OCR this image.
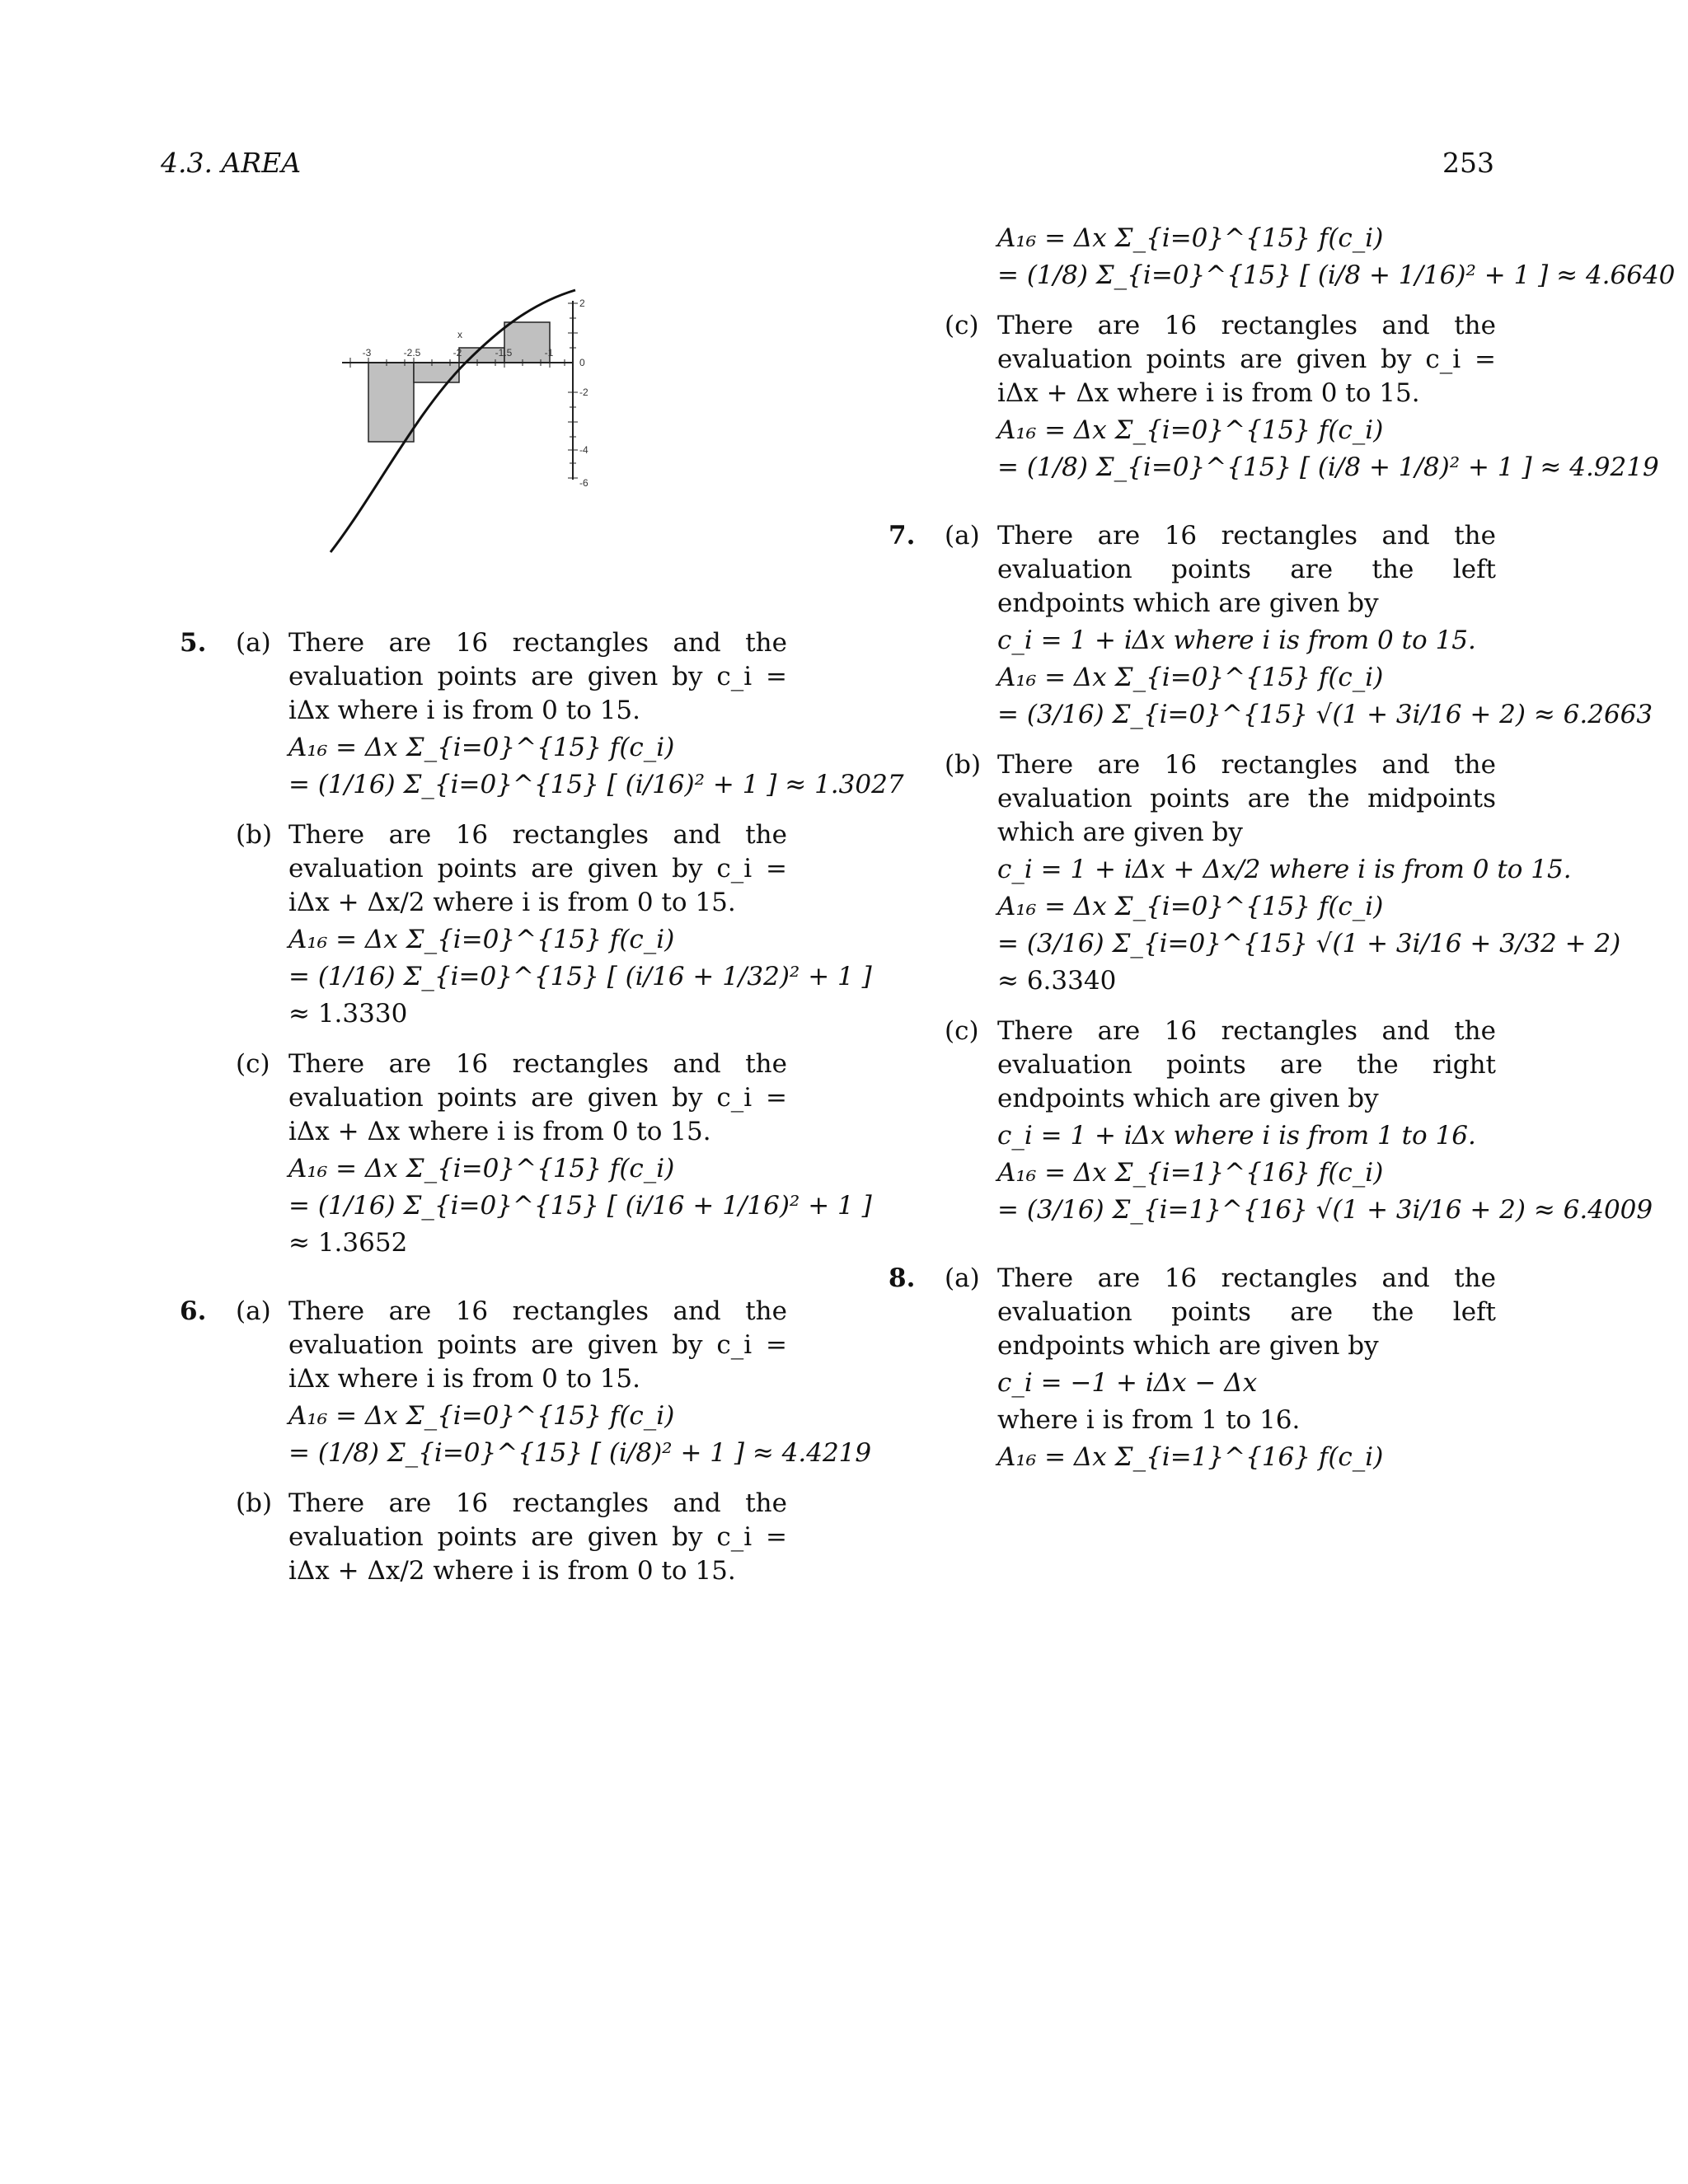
4.3. AREA	253
-3	-2.5	-2	-1.5	-1
x
2
0
-2
-4
-6
5. (a) There are 16 rectangles and the evaluation points are given by c_i = iΔx where i is from 0 to 15.
A₁₆ = Δx Σ_{i=0}^{15} f(c_i)
= (1/16) Σ_{i=0}^{15} [ (i/16)² + 1 ] ≈ 1.3027
(b) There are 16 rectangles and the evaluation points are given by c_i = iΔx + Δx/2 where i is from 0 to 15.
A₁₆ = Δx Σ_{i=0}^{15} f(c_i)
= (1/16) Σ_{i=0}^{15} [ (i/16 + 1/32)² + 1 ]
≈ 1.3330
(c) There are 16 rectangles and the evaluation points are given by c_i = iΔx + Δx where i is from 0 to 15.
A₁₆ = Δx Σ_{i=0}^{15} f(c_i)
= (1/16) Σ_{i=0}^{15} [ (i/16 + 1/16)² + 1 ]
≈ 1.3652
6. (a) There are 16 rectangles and the evaluation points are given by c_i = iΔx where i is from 0 to 15.
A₁₆ = Δx Σ_{i=0}^{15} f(c_i)
= (1/8) Σ_{i=0}^{15} [ (i/8)² + 1 ] ≈ 4.4219
(b) There are 16 rectangles and the evaluation points are given by c_i = iΔx + Δx/2 where i is from 0 to 15.
A₁₆ = Δx Σ_{i=0}^{15} f(c_i)
= (1/8) Σ_{i=0}^{15} [ (i/8 + 1/16)² + 1 ] ≈ 4.6640
(c) There are 16 rectangles and the evaluation points are given by c_i = iΔx + Δx where i is from 0 to 15.
A₁₆ = Δx Σ_{i=0}^{15} f(c_i)
= (1/8) Σ_{i=0}^{15} [ (i/8 + 1/8)² + 1 ] ≈ 4.9219
7. (a) There are 16 rectangles and the evaluation points are the left endpoints which are given by
c_i = 1 + iΔx where i is from 0 to 15.
A₁₆ = Δx Σ_{i=0}^{15} f(c_i)
= (3/16) Σ_{i=0}^{15} √(1 + 3i/16 + 2) ≈ 6.2663
(b) There are 16 rectangles and the evaluation points are the midpoints which are given by
c_i = 1 + iΔx + Δx/2 where i is from 0 to 15.
A₁₆ = Δx Σ_{i=0}^{15} f(c_i)
= (3/16) Σ_{i=0}^{15} √(1 + 3i/16 + 3/32 + 2)
≈ 6.3340
(c) There are 16 rectangles and the evaluation points are the right endpoints which are given by
c_i = 1 + iΔx where i is from 1 to 16.
A₁₆ = Δx Σ_{i=1}^{16} f(c_i)
= (3/16) Σ_{i=1}^{16} √(1 + 3i/16 + 2) ≈ 6.4009
8. (a) There are 16 rectangles and the evaluation points are the left endpoints which are given by
c_i = −1 + iΔx − Δx
where i is from 1 to 16.
A₁₆ = Δx Σ_{i=1}^{16} f(c_i)
